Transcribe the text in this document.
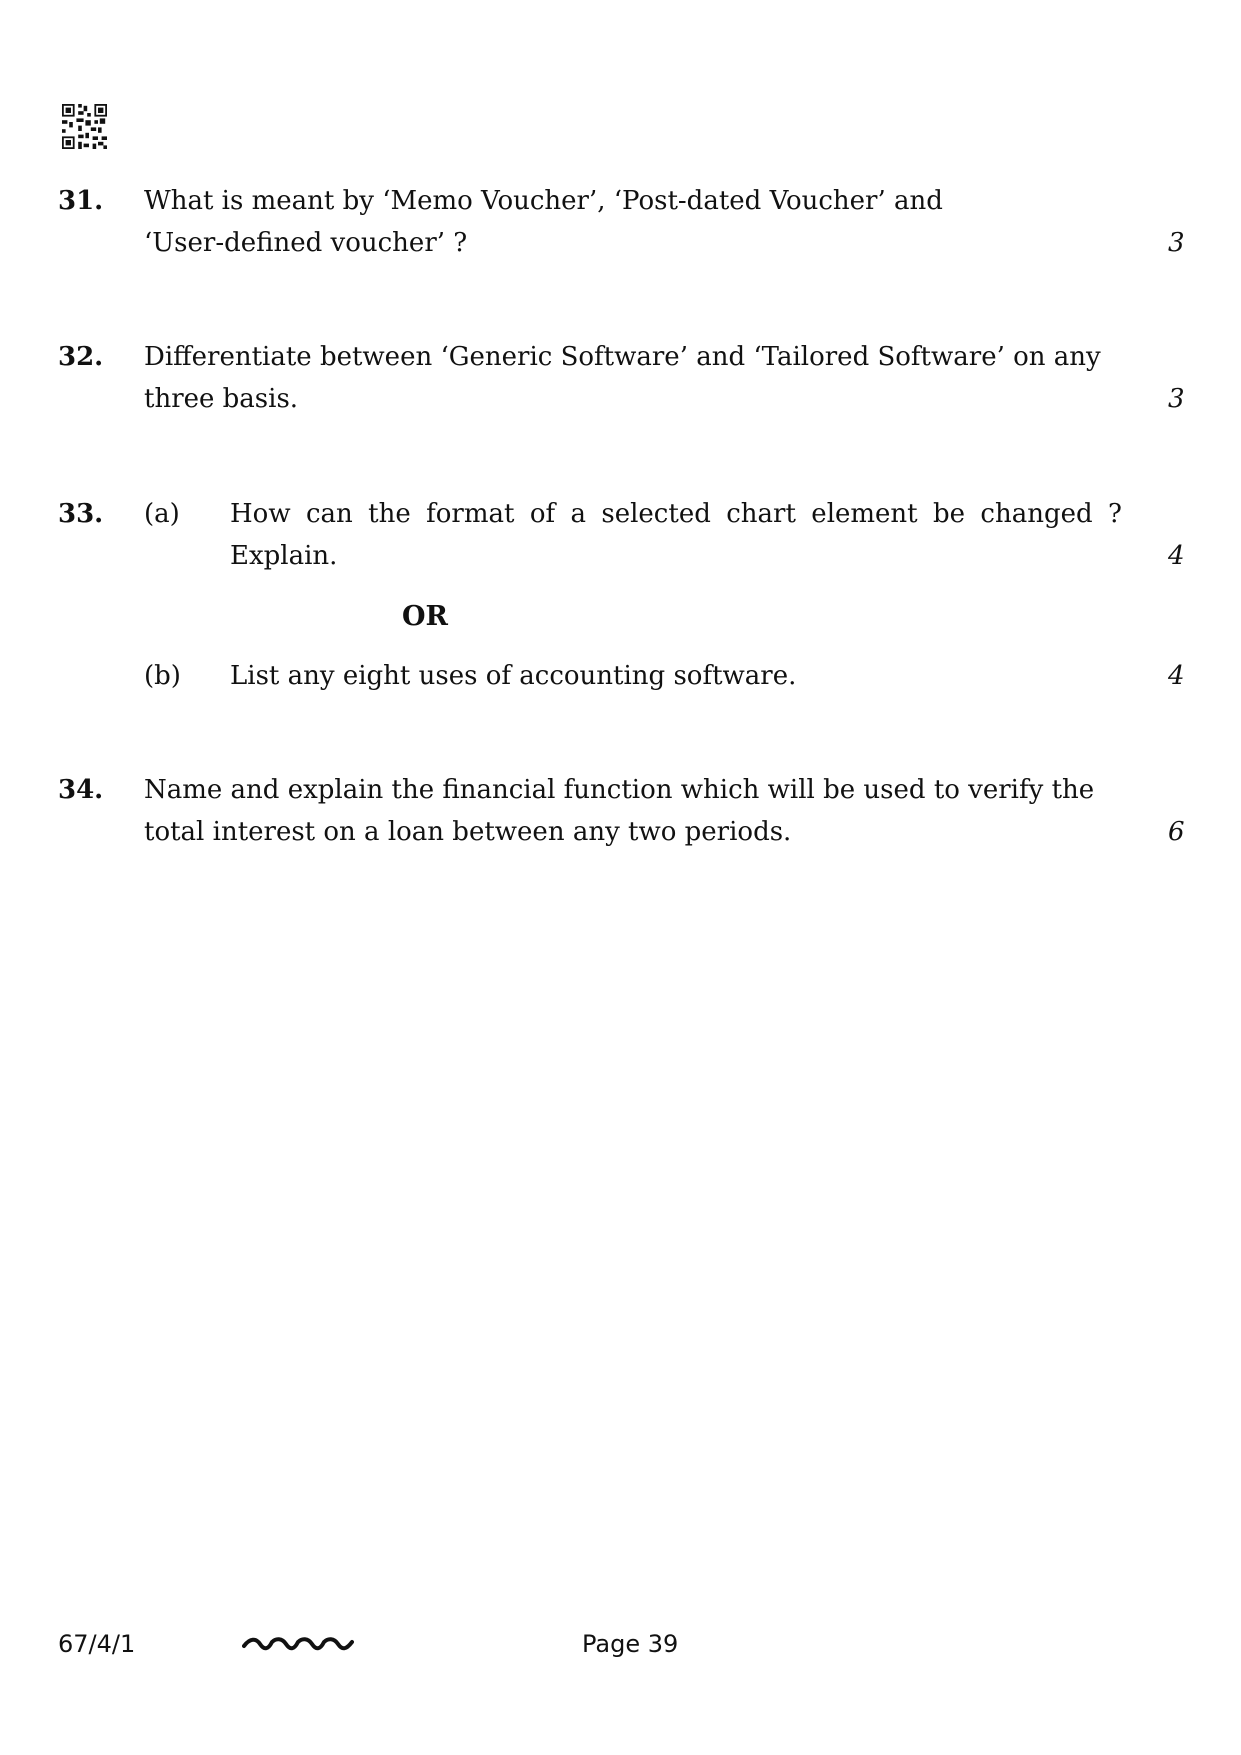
31. What is meant by ‘Memo Voucher’, ‘Post-dated Voucher’ and
‘User-defined voucher’ ?	3
32. Differentiate between ‘Generic Software’ and ‘Tailored Software’ on any
three basis.	3
33. (a) How can the format of a selected chart element be changed ?
Explain.	4
OR
(b) List any eight uses of accounting software.	4
34. Name and explain the financial function which will be used to verify the
total interest on a loan between any two periods.	6
67/4/1	Page 39
